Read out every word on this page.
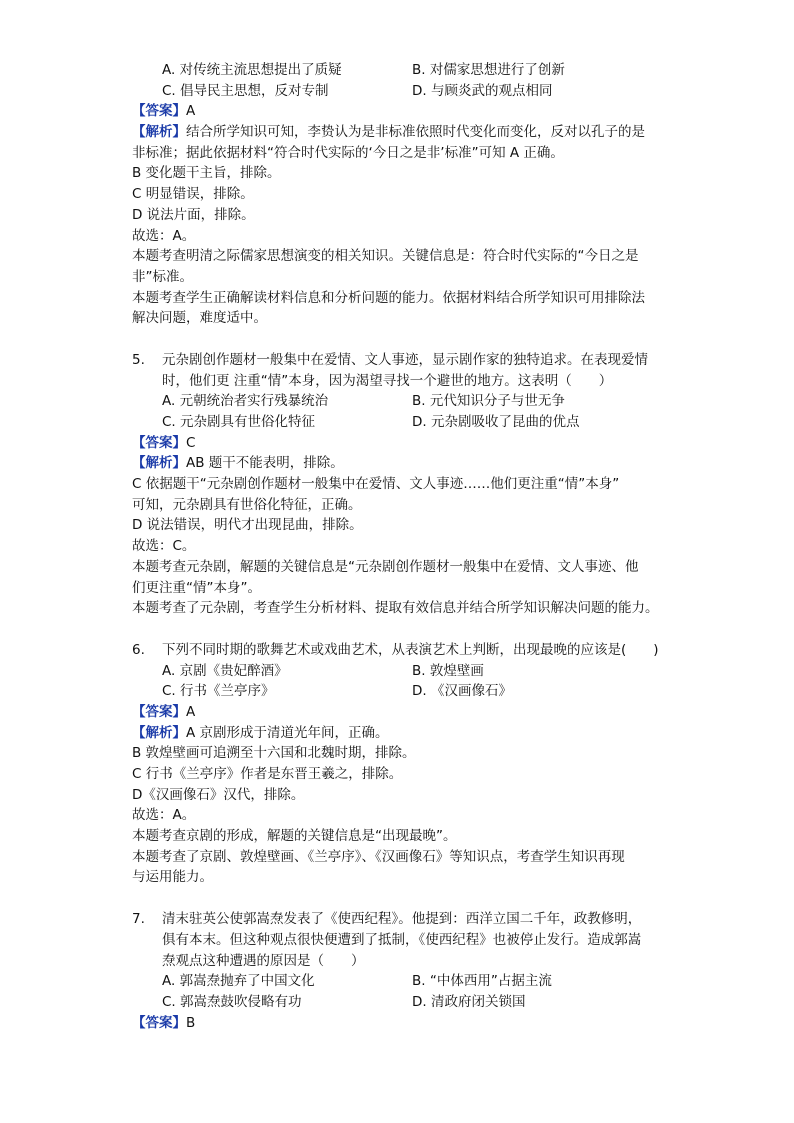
A. 对传统主流思想提出了质疑	B. 对儒家思想进行了创新
C. 倡导民主思想，反对专制	D. 与顾炎武的观点相同
【答案】A
【解析】结合所学知识可知，李贽认为是非标准依照时代变化而变化，反对以孔子的是
非标准；据此依据材料“符合时代实际的‘今日之是非’标准”可知 A 正确。
B 变化题干主旨，排除。
C 明显错误，排除。
D 说法片面，排除。
故选：A。
本题考查明清之际儒家思想演变的相关知识。关键信息是：符合时代实际的“今日之是
非”标准。
本题考查学生正确解读材料信息和分析问题的能力。依据材料结合所学知识可用排除法
解决问题，难度适中。
5. 元杂剧创作题材一般集中在爱情、文人事迹，显示剧作家的独特追求。在表现爱情
时，他们更 注重“情”本身，因为渴望寻找一个避世的地方。这表明（　　）
A. 元朝统治者实行残暴统治	B. 元代知识分子与世无争
C. 元杂剧具有世俗化特征	D. 元杂剧吸收了昆曲的优点
【答案】C
【解析】AB 题干不能表明，排除。
C 依据题干“元杂剧创作题材一般集中在爱情、文人事迹……他们更注重“情”本身”
可知，元杂剧具有世俗化特征，正确。
D 说法错误，明代才出现昆曲，排除。
故选：C。
本题考查元杂剧，解题的关键信息是“元杂剧创作题材一般集中在爱情、文人事迹、他
们更注重“情”本身”。
本题考查了元杂剧，考查学生分析材料、提取有效信息并结合所学知识解决问题的能力。
6. 下列不同时期的歌舞艺术或戏曲艺术，从表演艺术上判断，出现最晚的应该是(　　)
A. 京剧《贵妃醉酒》	B. 敦煌壁画
C. 行书《兰亭序》	D. 《汉画像石》
【答案】A
【解析】A 京剧形成于清道光年间，正确。
B 敦煌壁画可追溯至十六国和北魏时期，排除。
C 行书《兰亭序》作者是东晋王羲之，排除。
D《汉画像石》汉代，排除。
故选：A。
本题考查京剧的形成，解题的关键信息是“出现最晚”。
本题考查了京剧、敦煌壁画、《兰亭序》、《汉画像石》等知识点，考查学生知识再现
与运用能力。
7. 清末驻英公使郭嵩焘发表了《使西纪程》。他提到：西洋立国二千年，政教修明，
俱有本末。但这种观点很快便遭到了抵制，《使西纪程》也被停止发行。造成郭嵩
焘观点这种遭遇的原因是（　　）
A. 郭嵩焘抛弃了中国文化	B. “中体西用”占据主流
C. 郭嵩焘鼓吹侵略有功	D. 清政府闭关锁国
【答案】B
